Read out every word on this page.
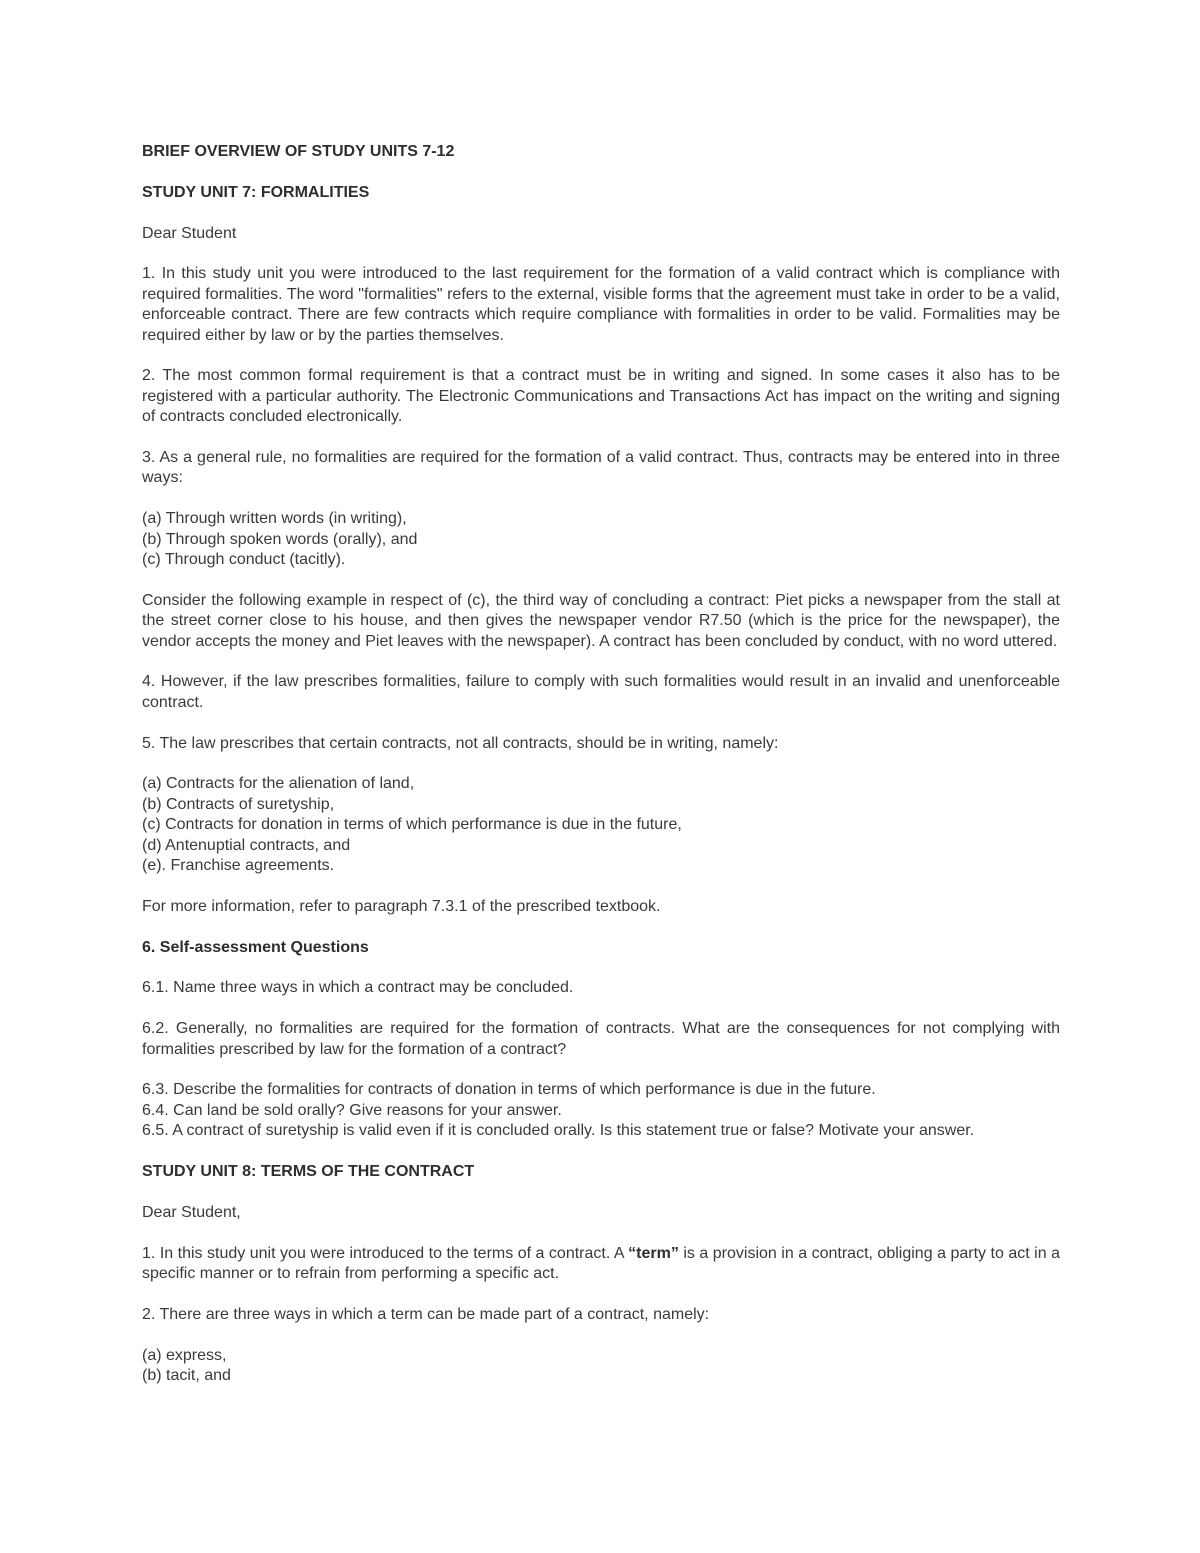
BRIEF OVERVIEW OF STUDY UNITS 7-12

STUDY UNIT 7: FORMALITIES

Dear Student

1. In this study unit you were introduced to the last requirement for the formation of a valid contract which is compliance with required formalities. The word "formalities" refers to the external, visible forms that the agreement must take in order to be a valid, enforceable contract. There are few contracts which require compliance with formalities in order to be valid. Formalities may be required either by law or by the parties themselves.

2. The most common formal requirement is that a contract must be in writing and signed. In some cases it also has to be registered with a particular authority. The Electronic Communications and Transactions Act has impact on the writing and signing of contracts concluded electronically.

3. As a general rule, no formalities are required for the formation of a valid contract. Thus, contracts may be entered into in three ways:

(a) Through written words (in writing),
(b) Through spoken words (orally), and
(c) Through conduct (tacitly).

Consider the following example in respect of (c), the third way of concluding a contract: Piet picks a newspaper from the stall at the street corner close to his house, and then gives the newspaper vendor R7.50 (which is the price for the newspaper), the vendor accepts the money and Piet leaves with the newspaper). A contract has been concluded by conduct, with no word uttered.

4. However, if the law prescribes formalities, failure to comply with such formalities would result in an invalid and unenforceable contract.

5. The law prescribes that certain contracts, not all contracts, should be in writing, namely:

(a) Contracts for the alienation of land,
(b) Contracts of suretyship,
(c) Contracts for donation in terms of which performance is due in the future,
(d) Antenuptial contracts, and
(e). Franchise agreements.

For more information, refer to paragraph 7.3.1 of the prescribed textbook.

6. Self-assessment Questions

6.1. Name three ways in which a contract may be concluded.

6.2. Generally, no formalities are required for the formation of contracts. What are the consequences for not complying with formalities prescribed by law for the formation of a contract?

6.3. Describe the formalities for contracts of donation in terms of which performance is due in the future.
6.4. Can land be sold orally? Give reasons for your answer.
6.5. A contract of suretyship is valid even if it is concluded orally. Is this statement true or false? Motivate your answer.

STUDY UNIT 8: TERMS OF THE CONTRACT

Dear Student,

1. In this study unit you were introduced to the terms of a contract. A “term” is a provision in a contract, obliging a party to act in a specific manner or to refrain from performing a specific act.

2. There are three ways in which a term can be made part of a contract, namely:

(a) express,
(b) tacit, and
